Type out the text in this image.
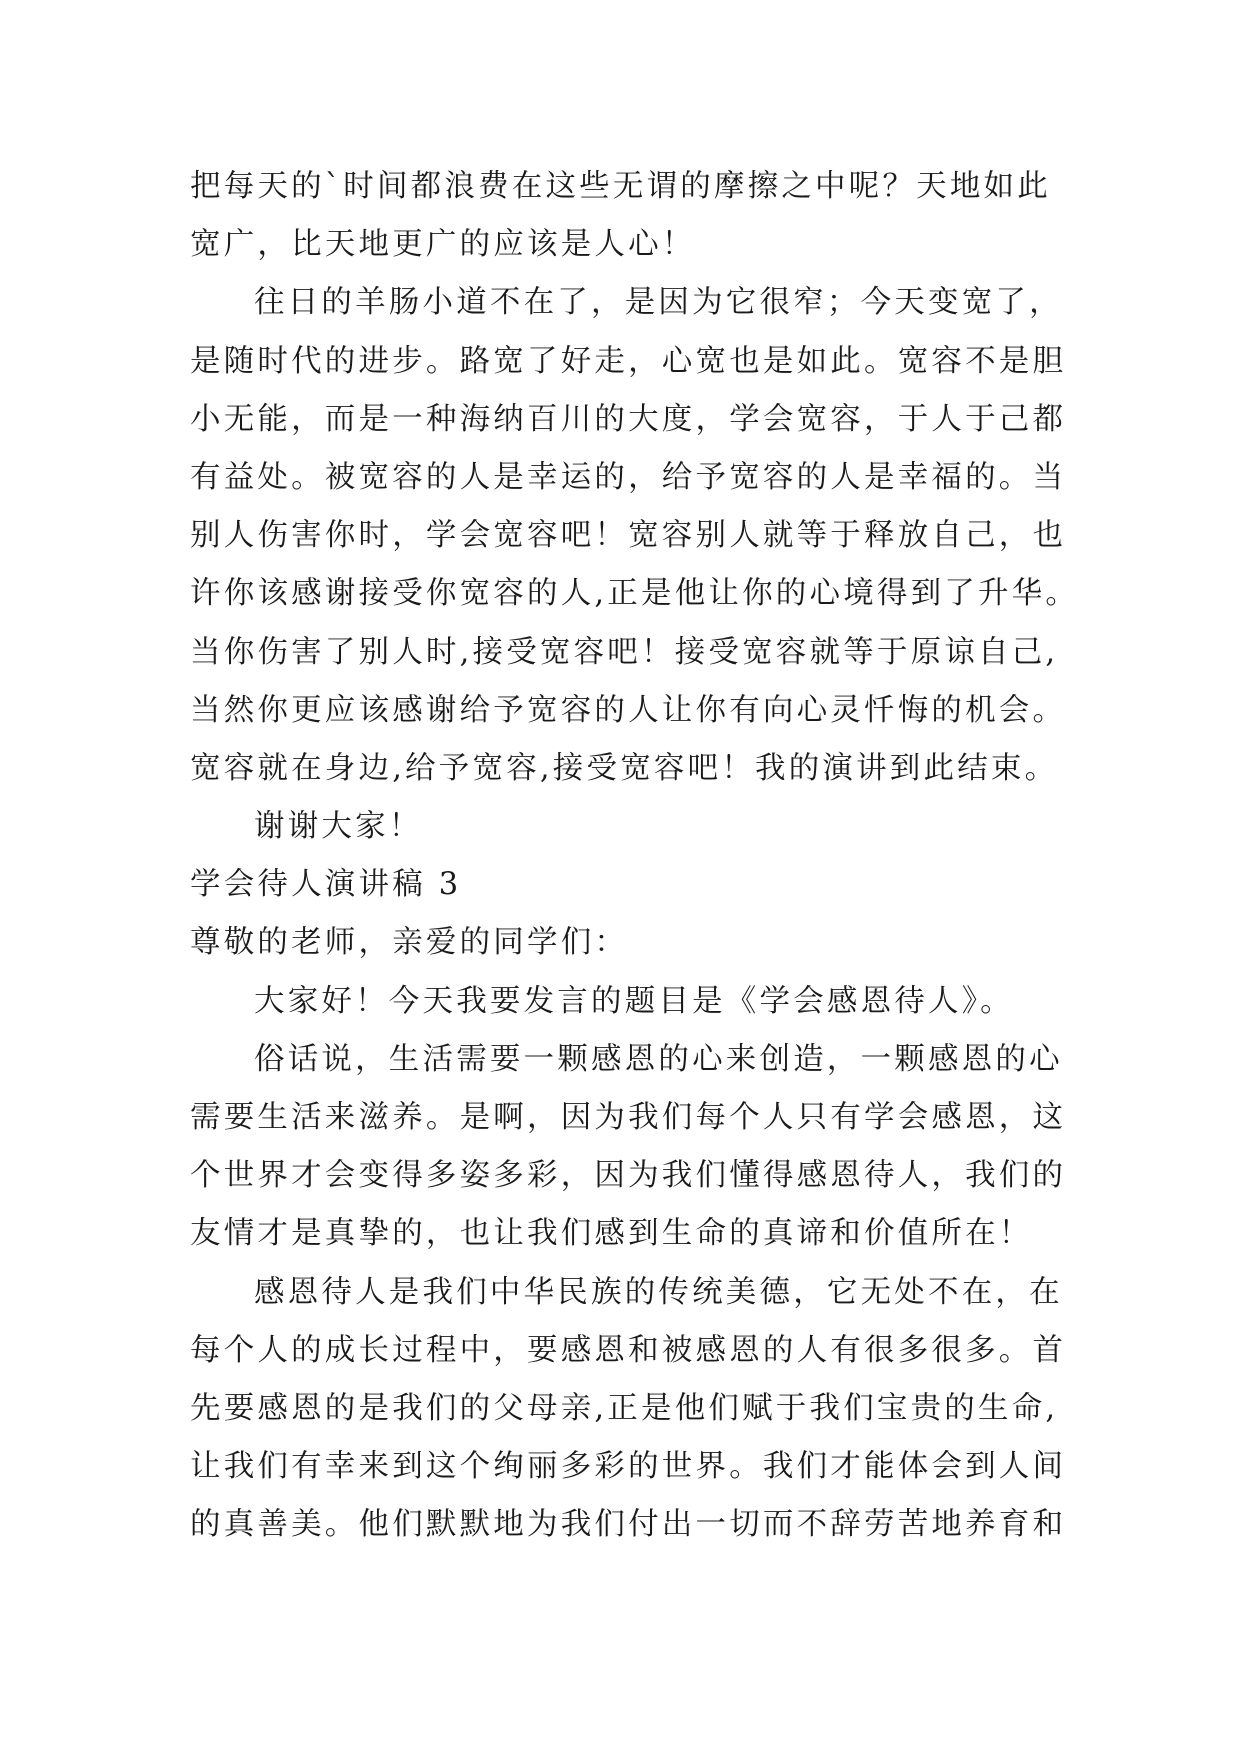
把每天的`时间都浪费在这些无谓的摩擦之中呢？天地如此
宽广，比天地更广的应该是人心！
往日的羊肠小道不在了，是因为它很窄；今天变宽了，
是随时代的进步。路宽了好走，心宽也是如此。宽容不是胆
小无能，而是一种海纳百川的大度，学会宽容，于人于己都
有益处。被宽容的人是幸运的，给予宽容的人是幸福的。当
别人伤害你时，学会宽容吧！宽容别人就等于释放自己，也
许你该感谢接受你宽容的人,正是他让你的心境得到了升华。
当你伤害了别人时,接受宽容吧！接受宽容就等于原谅自己,
当然你更应该感谢给予宽容的人让你有向心灵忏悔的机会。
宽容就在身边,给予宽容,接受宽容吧！我的演讲到此结束。
谢谢大家！
学会待人演讲稿 3
尊敬的老师，亲爱的同学们：
大家好！今天我要发言的题目是《学会感恩待人》。
俗话说，生活需要一颗感恩的心来创造，一颗感恩的心
需要生活来滋养。是啊，因为我们每个人只有学会感恩，这
个世界才会变得多姿多彩，因为我们懂得感恩待人，我们的
友情才是真挚的，也让我们感到生命的真谛和价值所在！
感恩待人是我们中华民族的传统美德，它无处不在，在
每个人的成长过程中，要感恩和被感恩的人有很多很多。首
先要感恩的是我们的父母亲,正是他们赋于我们宝贵的生命,
让我们有幸来到这个绚丽多彩的世界。我们才能体会到人间
的真善美。他们默默地为我们付出一切而不辞劳苦地养育和
